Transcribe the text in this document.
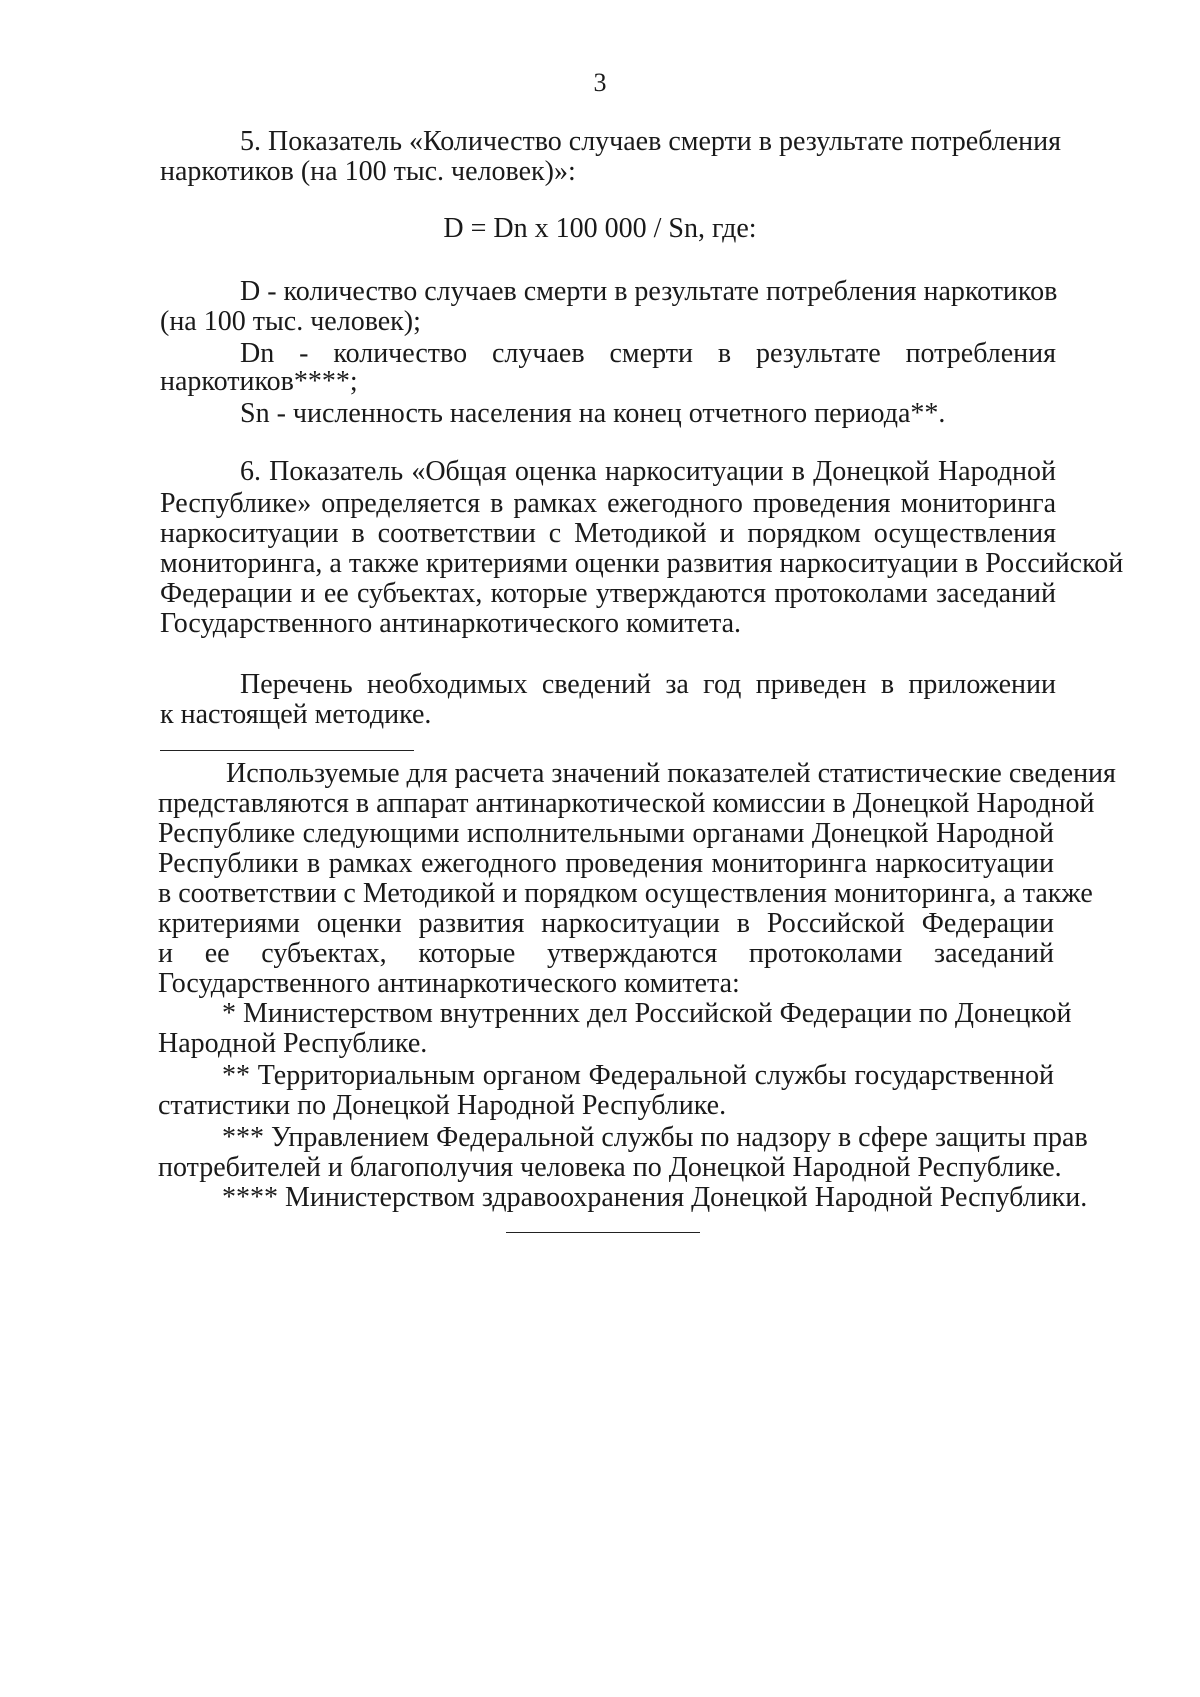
3

5. Показатель «Количество случаев смерти в результате потребления

наркотиков (на 100 тыс. человек)»:

D = Dn x 100 000 / Sn, где:

D - количество случаев смерти в результате потребления наркотиков

(на 100 тыс. человек);

Dn - количество случаев смерти в результате потребления

наркотиков****;

Sn - численность населения на конец отчетного периода**.

6. Показатель «Общая оценка наркоситуации в Донецкой Народной

Республике» определяется в рамках ежегодного проведения мониторинга

наркоситуации в соответствии с Методикой и порядком осуществления

мониторинга, а также критериями оценки развития наркоситуации в Российской

Федерации и ее субъектах, которые утверждаются протоколами заседаний

Государственного антинаркотического комитета.

Перечень необходимых сведений за год приведен в приложении

к настоящей методике.

Используемые для расчета значений показателей статистические сведения

представляются в аппарат антинаркотической комиссии в Донецкой Народной

Республике следующими исполнительными органами Донецкой Народной

Республики в рамках ежегодного проведения мониторинга наркоситуации

в соответствии с Методикой и порядком осуществления мониторинга, а также

критериями оценки развития наркоситуации в Российской Федерации

и ее субъектах, которые утверждаются протоколами заседаний

Государственного антинаркотического комитета:

* Министерством внутренних дел Российской Федерации по Донецкой

Народной Республике.

** Территориальным органом Федеральной службы государственной

статистики по Донецкой Народной Республике.

*** Управлением Федеральной службы по надзору в сфере защиты прав

потребителей и благополучия человека по Донецкой Народной Республике.

**** Министерством здравоохранения Донецкой Народной Республики.
